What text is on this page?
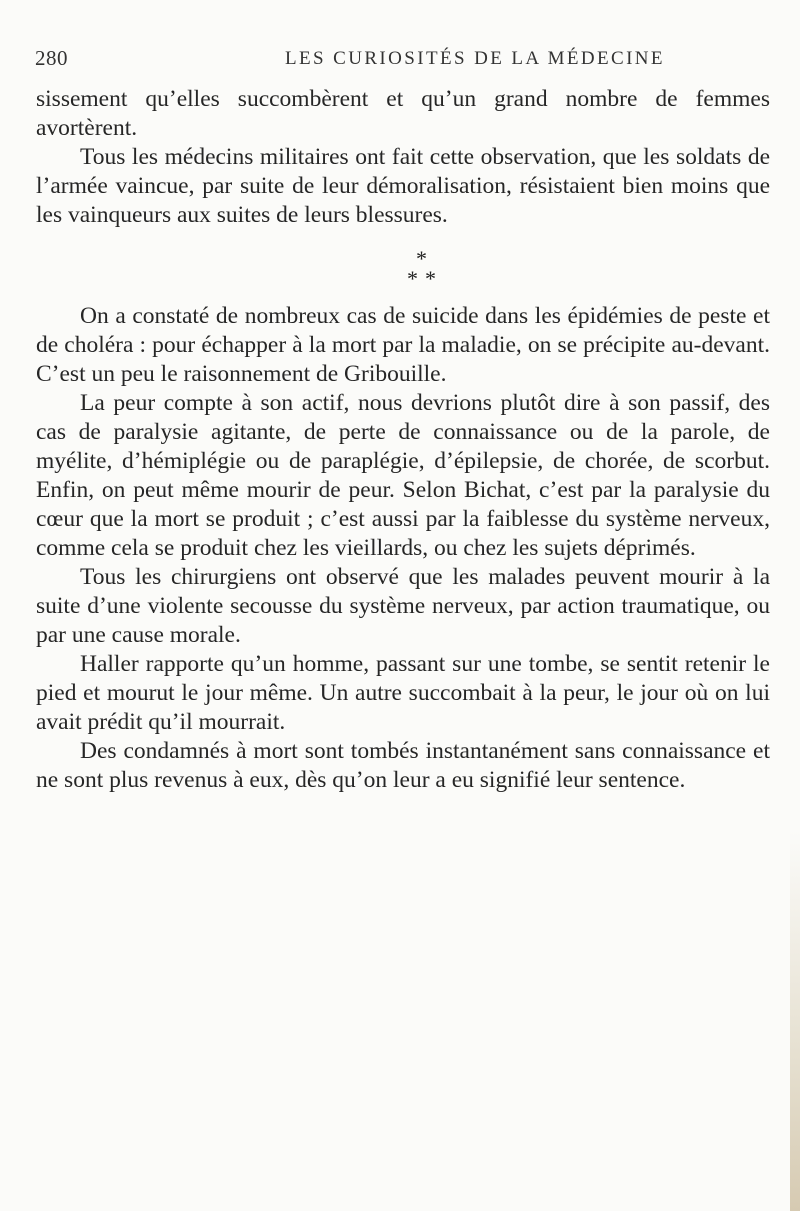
280	LES CURIOSITÉS DE LA MÉDECINE

sissement qu’elles succombèrent et qu’un grand nombre de femmes avortèrent.

Tous les médecins militaires ont fait cette observation, que les soldats de l’armée vaincue, par suite de leur démoralisation, résistaient bien moins que les vainqueurs aux suites de leurs blessures.

*
* *

On a constaté de nombreux cas de suicide dans les épidémies de peste et de choléra : pour échapper à la mort par la maladie, on se précipite au-devant. C’est un peu le raisonnement de Gribouille.

La peur compte à son actif, nous devrions plutôt dire à son passif, des cas de paralysie agitante, de perte de connaissance ou de la parole, de myélite, d’hémiplégie ou de paraplégie, d’épilepsie, de chorée, de scorbut. Enfin, on peut même mourir de peur. Selon Bichat, c’est par la paralysie du cœur que la mort se produit ; c’est aussi par la faiblesse du système nerveux, comme cela se produit chez les vieillards, ou chez les sujets déprimés.

Tous les chirurgiens ont observé que les malades peuvent mourir à la suite d’une violente secousse du système nerveux, par action traumatique, ou par une cause morale.

Haller rapporte qu’un homme, passant sur une tombe, se sentit retenir le pied et mourut le jour même. Un autre succombait à la peur, le jour où on lui avait prédit qu’il mourrait.

Des condamnés à mort sont tombés instantanément sans connaissance et ne sont plus revenus à eux, dès qu’on leur a eu signifié leur sentence.
